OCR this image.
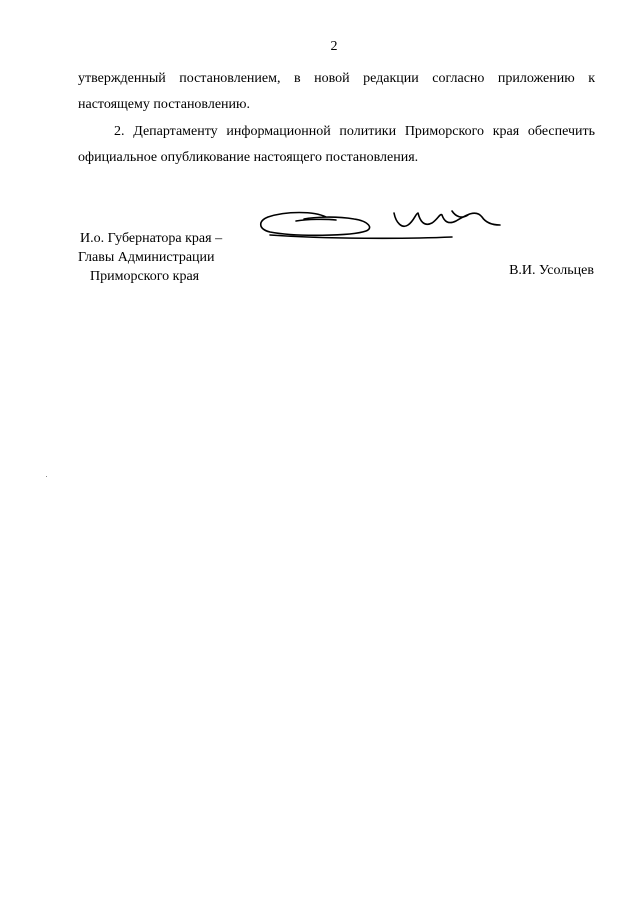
2
утвержденный постановлением, в новой редакции согласно приложению к
настоящему постановлению.
2. Департаменту информационной политики Приморского края обеспечить
официальное опубликование настоящего постановления.
И.о. Губернатора края –
Главы Администрации
Приморского края	В.И. Усольцев
